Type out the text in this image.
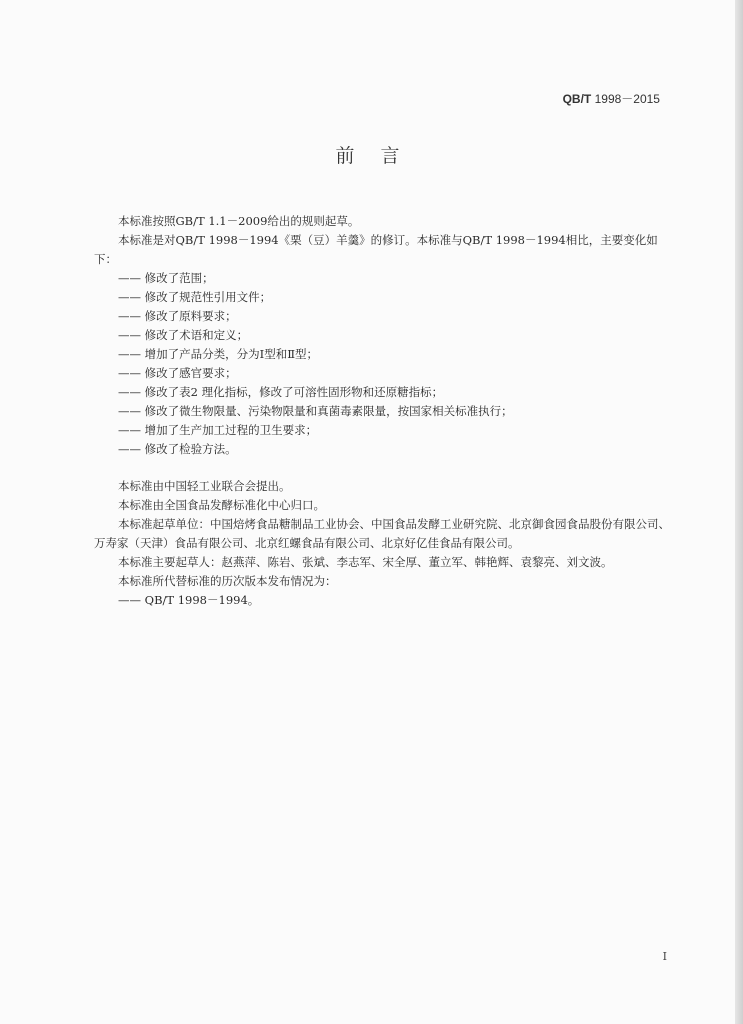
QB/T 1998－2015
前言
本标准按照GB/T 1.1－2009给出的规则起草。
本标准是对QB/T 1998－1994《栗（豆）羊羹》的修订。本标准与QB/T 1998－1994相比，主要变化如下：
—— 修改了范围；
—— 修改了规范性引用文件；
—— 修改了原料要求；
—— 修改了术语和定义；
—— 增加了产品分类，分为Ⅰ型和Ⅱ型；
—— 修改了感官要求；
—— 修改了表2 理化指标，修改了可溶性固形物和还原糖指标；
—— 修改了微生物限量、污染物限量和真菌毒素限量，按国家相关标准执行；
—— 增加了生产加工过程的卫生要求；
—— 修改了检验方法。
本标准由中国轻工业联合会提出。
本标准由全国食品发酵标准化中心归口。
本标准起草单位：中国焙烤食品糖制品工业协会、中国食品发酵工业研究院、北京御食园食品股份有限公司、万寿家（天津）食品有限公司、北京红螺食品有限公司、北京好亿佳食品有限公司。
本标准主要起草人：赵燕萍、陈岩、张斌、李志军、宋全厚、董立军、韩艳辉、袁黎亮、刘文波。
本标准所代替标准的历次版本发布情况为：
—— QB/T 1998－1994。
I
